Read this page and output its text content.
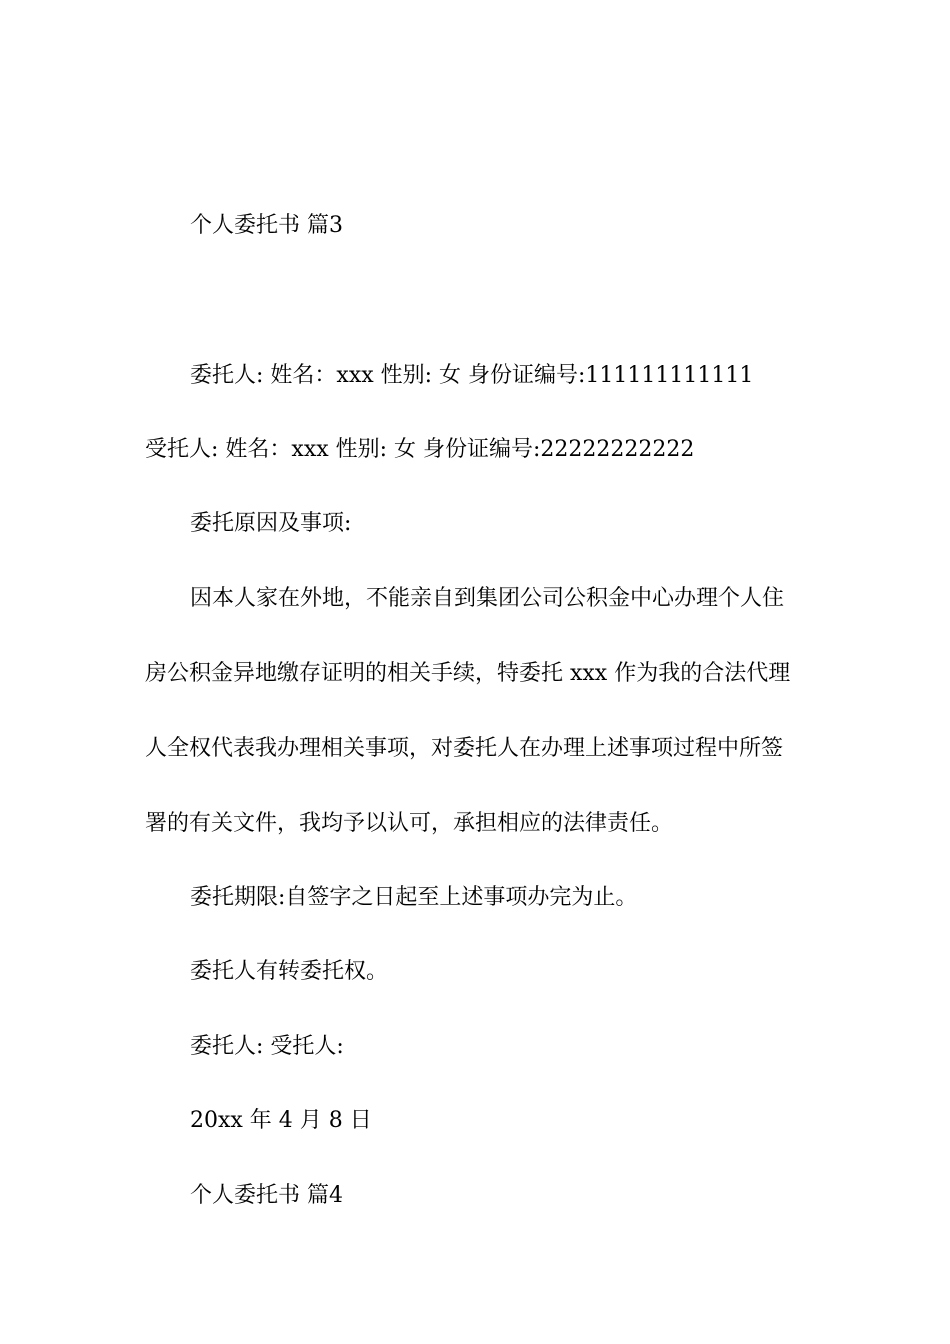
个人委托书 篇3
委托人: 姓名：xxx 性别: 女 身份证编号:111111111111
受托人: 姓名：xxx 性别: 女 身份证编号:22222222222
委托原因及事项:
因本人家在外地，不能亲自到集团公司公积金中心办理个人住
房公积金异地缴存证明的相关手续，特委托 xxx 作为我的合法代理
人全权代表我办理相关事项，对委托人在办理上述事项过程中所签
署的有关文件，我均予以认可，承担相应的法律责任。
委托期限:自签字之日起至上述事项办完为止。
委托人有转委托权。
委托人: 受托人:
20xx 年 4 月 8 日
个人委托书 篇4
